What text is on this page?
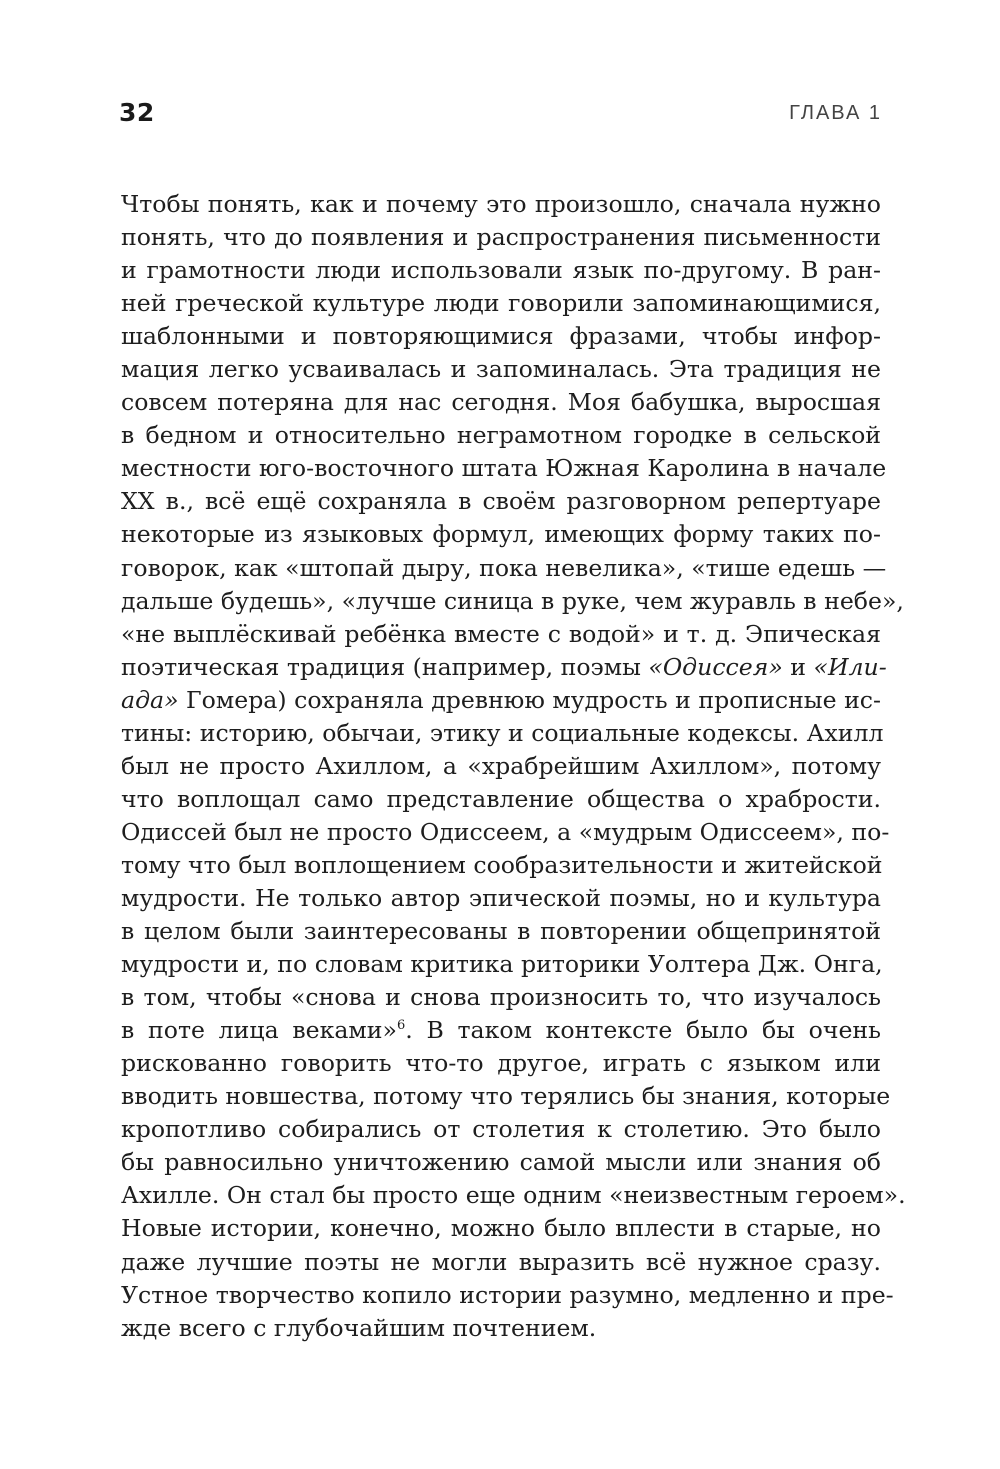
32	ГЛАВА 1
Чтобы понять, как и почему это произошло, сначала нужно
понять, что до появления и распространения письменности
и грамотности люди использовали язык по-другому. В ран-
ней греческой культуре люди говорили запоминающимися,
шаблонными и повторяющимися фразами, чтобы инфор-
мация легко усваивалась и запоминалась. Эта традиция не
совсем потеряна для нас сегодня. Моя бабушка, выросшая
в бедном и относительно неграмотном городке в сельской
местности юго-восточного штата Южная Каролина в начале
XX в., всё ещё сохраняла в своём разговорном репертуаре
некоторые из языковых формул, имеющих форму таких по-
говорок, как «штопай дыру, пока невелика», «тише едешь —
дальше будешь», «лучше синица в руке, чем журавль в небе»,
«не выплёскивай ребёнка вместе с водой» и т. д. Эпическая
поэтическая традиция (например, поэмы «Одиссея» и «Или-
ада» Гомера) сохраняла древнюю мудрость и прописные ис-
тины: историю, обычаи, этику и социальные кодексы. Ахилл
был не просто Ахиллом, а «храбрейшим Ахиллом», потому
что воплощал само представление общества о храбрости.
Одиссей был не просто Одиссеем, а «мудрым Одиссеем», по-
тому что был воплощением сообразительности и житейской
мудрости. Не только автор эпической поэмы, но и культура
в целом были заинтересованы в повторении общепринятой
мудрости и, по словам критика риторики Уолтера Дж. Онга,
в том, чтобы «снова и снова произносить то, что изучалось
в поте лица веками»$^6$. В таком контексте было бы очень
рискованно говорить что-то другое, играть с языком или
вводить новшества, потому что терялись бы знания, которые
кропотливо собирались от столетия к столетию. Это было
бы равносильно уничтожению самой мысли или знания об
Ахилле. Он стал бы просто еще одним «неизвестным героем».
Новые истории, конечно, можно было вплести в старые, но
даже лучшие поэты не могли выразить всё нужное сразу.
Устное творчество копило истории разумно, медленно и пре-
жде всего с глубочайшим почтением.
